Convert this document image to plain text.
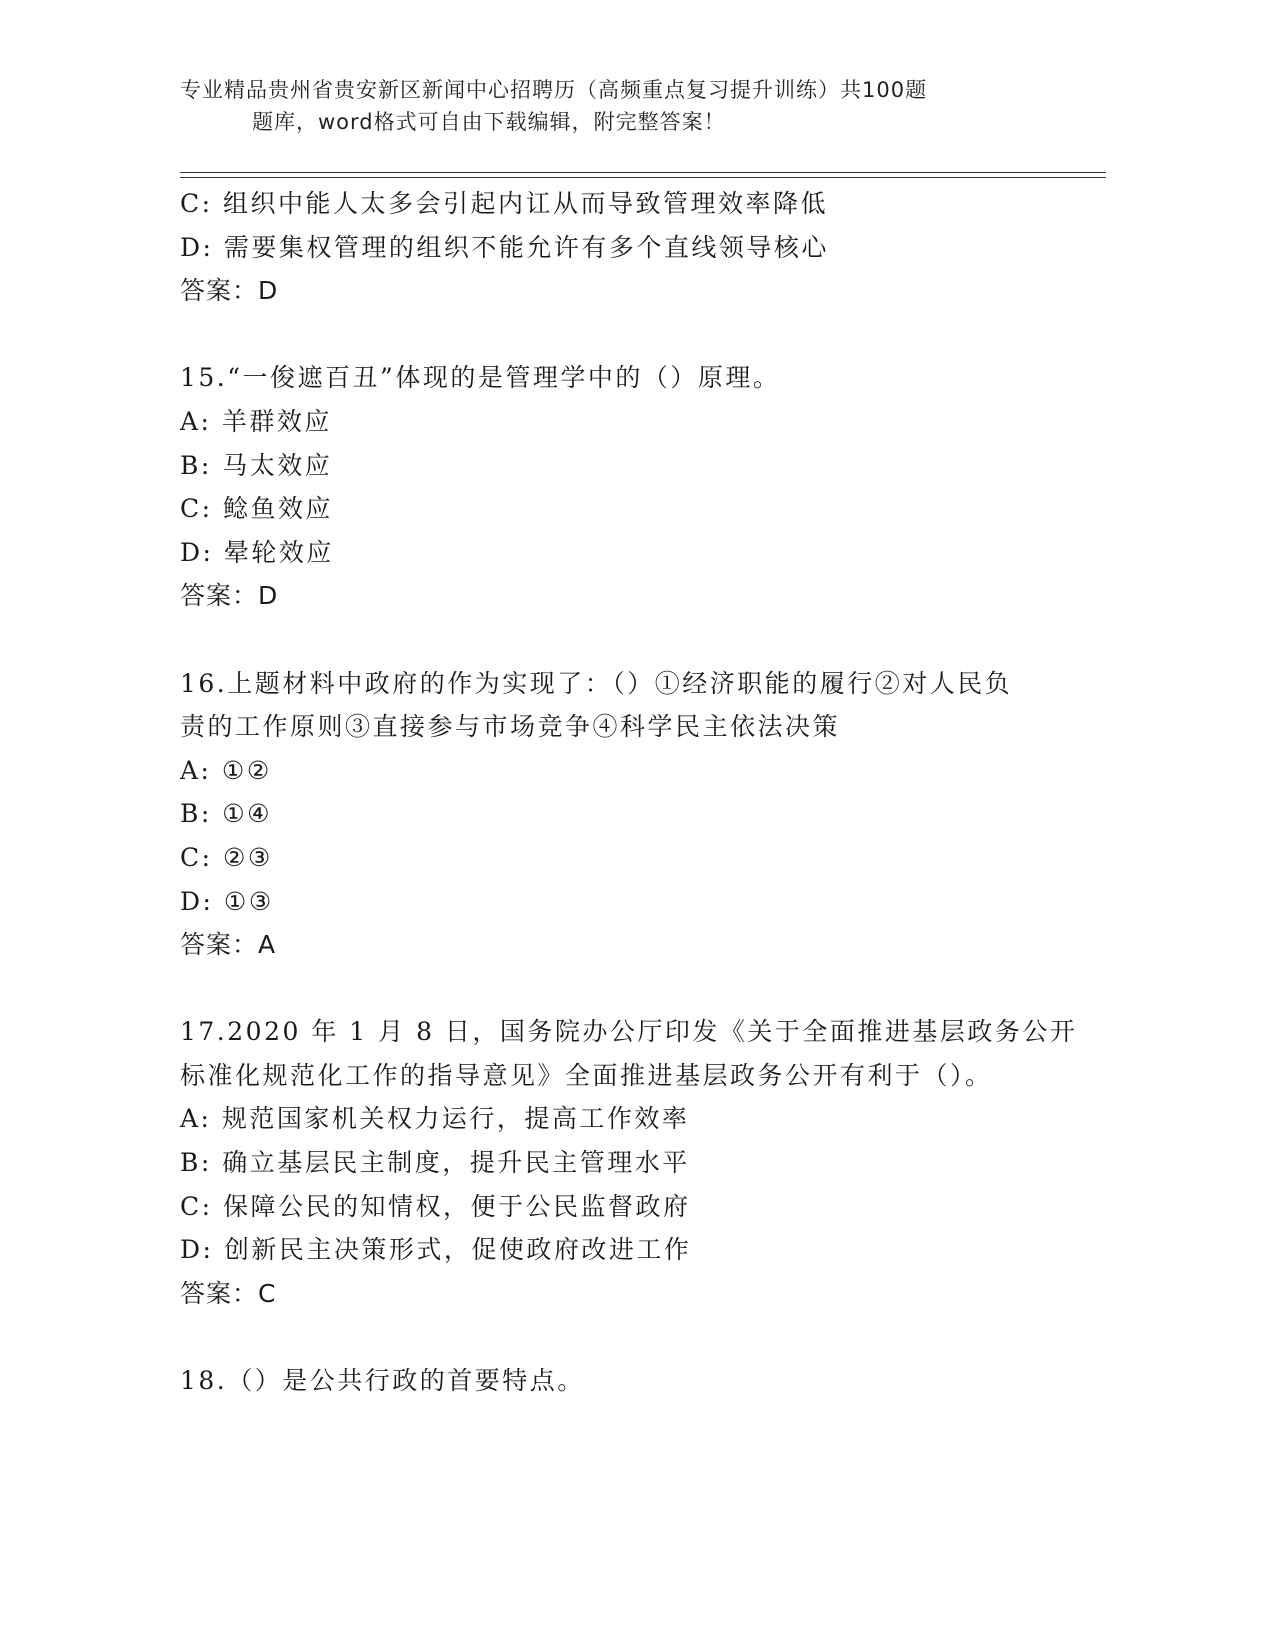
专业精品贵州省贵安新区新闻中心招聘历（高频重点复习提升训练）共100题
题库，word格式可自由下载编辑，附完整答案！
C: 组织中能人太多会引起内讧从而导致管理效率降低
D: 需要集权管理的组织不能允许有多个直线领导核心
答案：D
15.“一俊遮百丑”体现的是管理学中的（）原理。
A: 羊群效应
B: 马太效应
C: 鲶鱼效应
D: 晕轮效应
答案：D
16.上题材料中政府的作为实现了：（）①经济职能的履行②对人民负
责的工作原则③直接参与市场竞争④科学民主依法决策
A: ①②
B: ①④
C: ②③
D: ①③
答案：A
17.2020 年 1 月 8 日，国务院办公厅印发《关于全面推进基层政务公开
标准化规范化工作的指导意见》全面推进基层政务公开有利于（）。
A: 规范国家机关权力运行，提高工作效率
B: 确立基层民主制度，提升民主管理水平
C: 保障公民的知情权，便于公民监督政府
D: 创新民主决策形式，促使政府改进工作
答案：C
18.（）是公共行政的首要特点。
